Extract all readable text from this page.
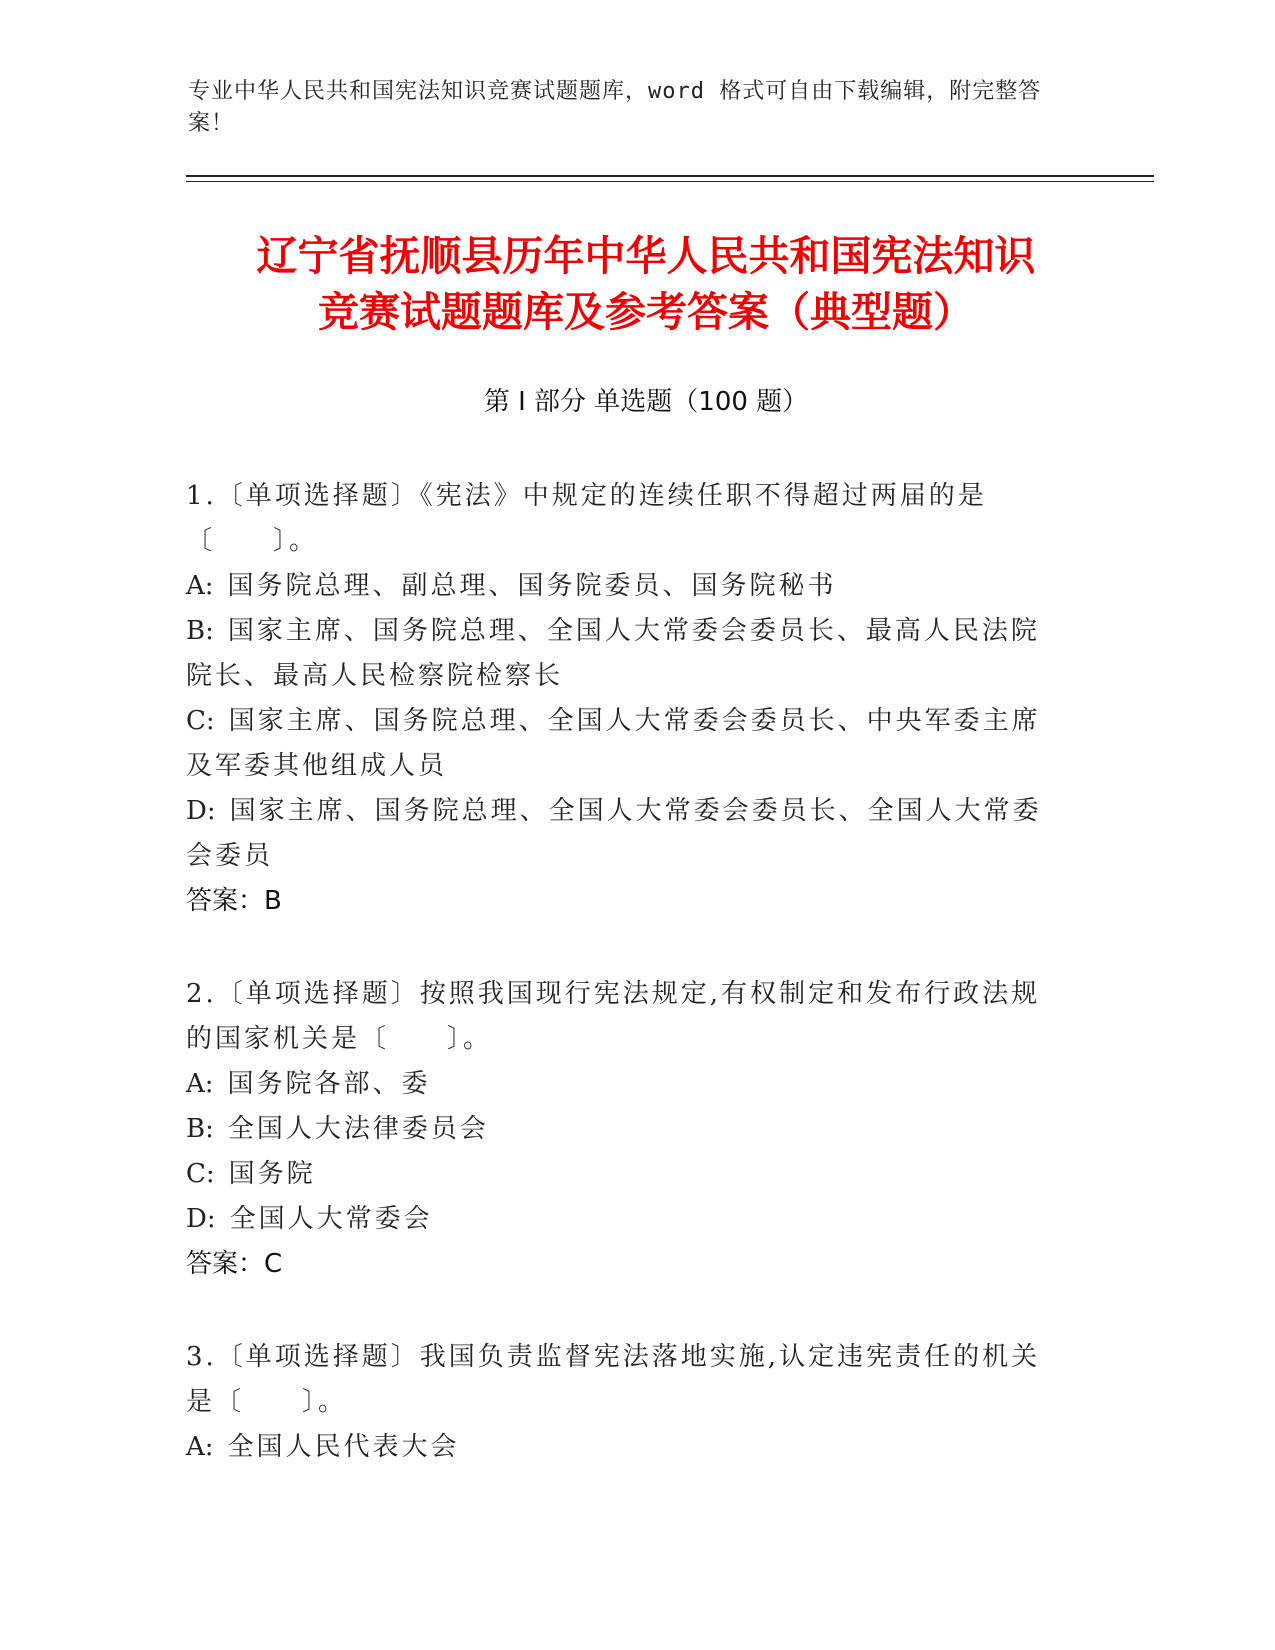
专业中华人民共和国宪法知识竞赛试题题库，word 格式可自由下载编辑，附完整答案！

辽宁省抚顺县历年中华人民共和国宪法知识
竞赛试题题库及参考答案（典型题）
第 I 部分 单选题（100 题）

1.〔单项选择题〕《宪法》中规定的连续任职不得超过两届的是〔　　〕。

A: 国务院总理、副总理、国务院委员、国务院秘书

B: 国家主席、国务院总理、全国人大常委会委员长、最高人民法院院长、最高人民检察院检察长

C: 国家主席、国务院总理、全国人大常委会委员长、中央军委主席及军委其他组成人员

D: 国家主席、国务院总理、全国人大常委会委员长、全国人大常委会委员

答案：B

2.〔单项选择题〕按照我国现行宪法规定,有权制定和发布行政法规的国家机关是〔　　〕。

A: 国务院各部、委

B: 全国人大法律委员会

C: 国务院

D: 全国人大常委会

答案：C

3.〔单项选择题〕我国负责监督宪法落地实施,认定违宪责任的机关是〔　　〕。

A: 全国人民代表大会
